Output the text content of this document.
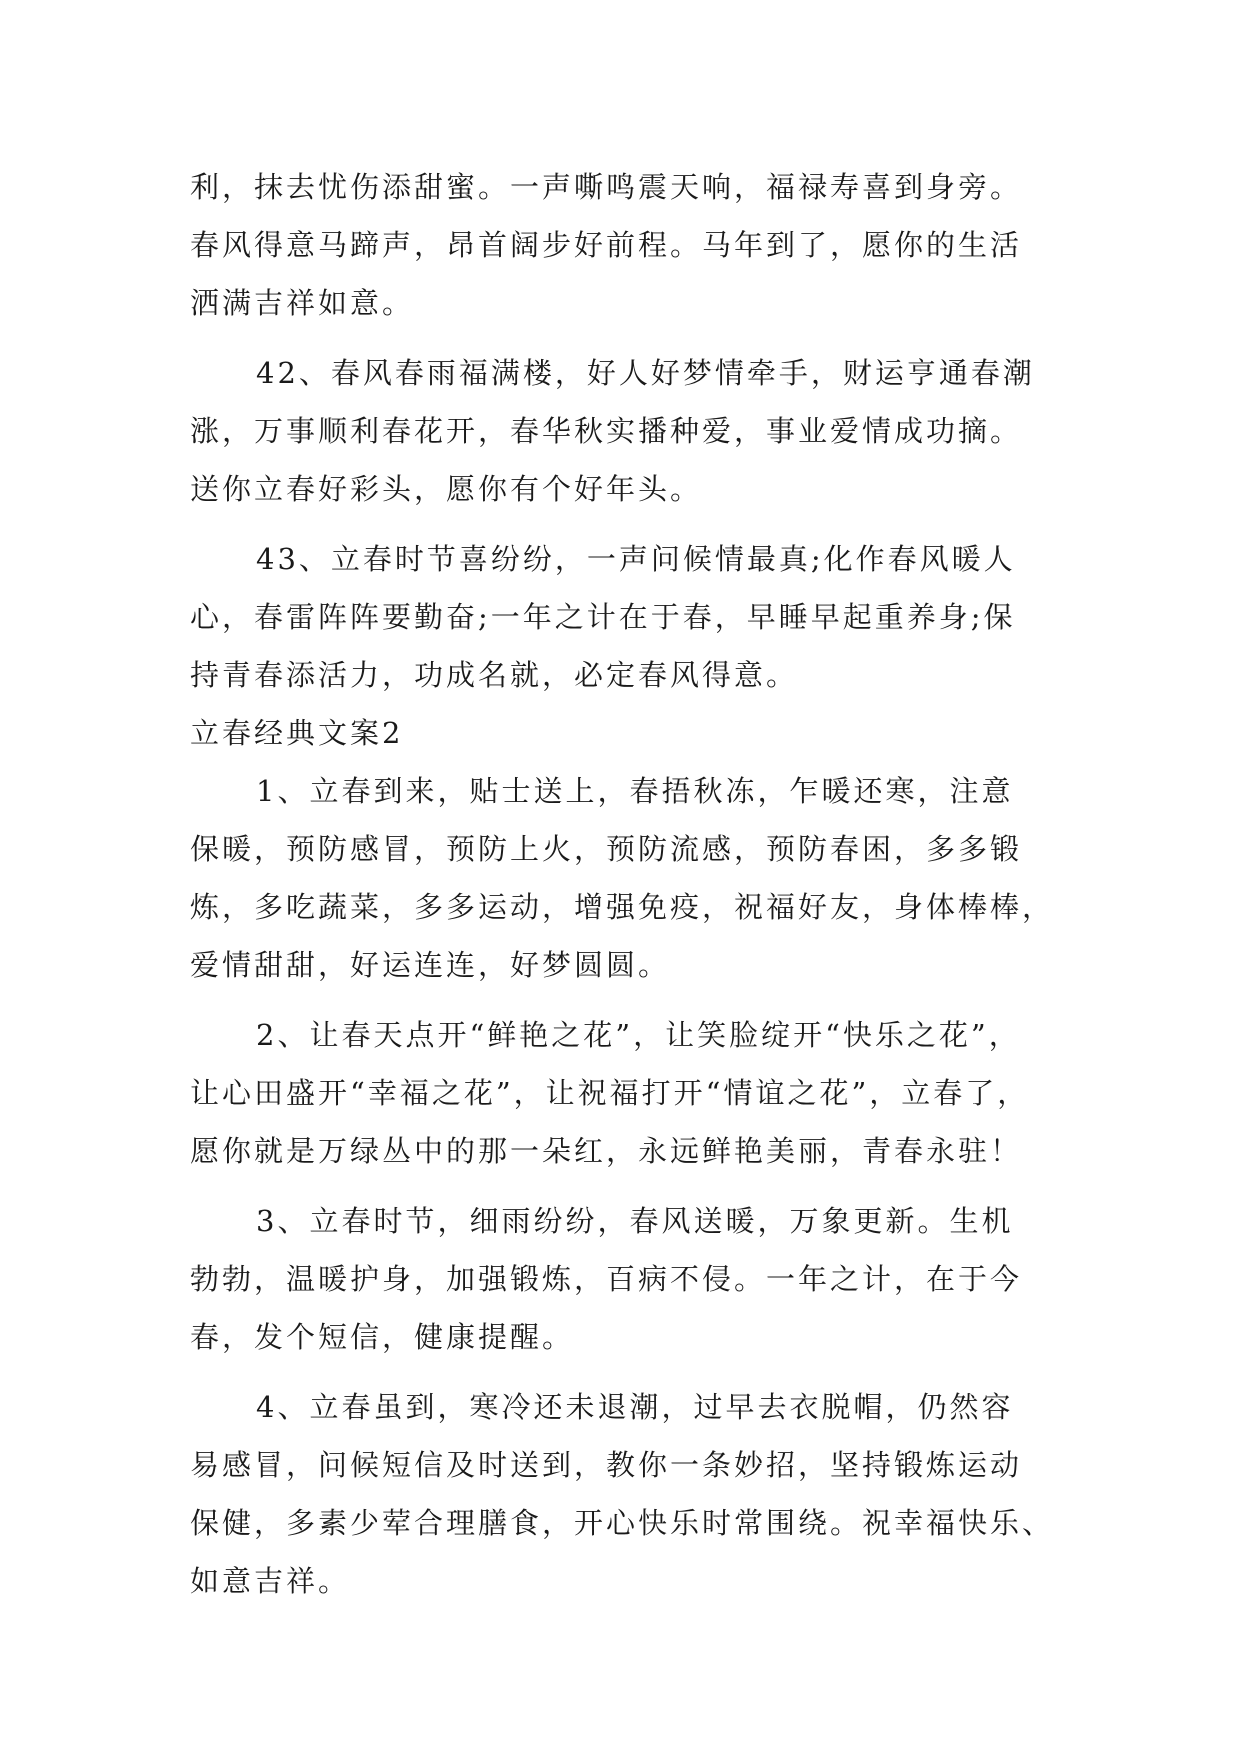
利，抹去忧伤添甜蜜。一声嘶鸣震天响，福禄寿喜到身旁。
春风得意马蹄声，昂首阔步好前程。马年到了，愿你的生活
洒满吉祥如意。
42、春风春雨福满楼，好人好梦情牵手，财运亨通春潮
涨，万事顺利春花开，春华秋实播种爱，事业爱情成功摘。
送你立春好彩头，愿你有个好年头。
43、立春时节喜纷纷，一声问候情最真;化作春风暖人
心，春雷阵阵要勤奋;一年之计在于春，早睡早起重养身;保
持青春添活力，功成名就，必定春风得意。
立春经典文案2
1、立春到来，贴士送上，春捂秋冻，乍暖还寒，注意
保暖，预防感冒，预防上火，预防流感，预防春困，多多锻
炼，多吃蔬菜，多多运动，增强免疫，祝福好友，身体棒棒，
爱情甜甜，好运连连，好梦圆圆。
2、让春天点开“鲜艳之花”，让笑脸绽开“快乐之花”，
让心田盛开“幸福之花”，让祝福打开“情谊之花”，立春了，
愿你就是万绿丛中的那一朵红，永远鲜艳美丽，青春永驻！
3、立春时节，细雨纷纷，春风送暖，万象更新。生机
勃勃，温暖护身，加强锻炼，百病不侵。一年之计，在于今
春，发个短信，健康提醒。
4、立春虽到，寒冷还未退潮，过早去衣脱帽，仍然容
易感冒，问候短信及时送到，教你一条妙招，坚持锻炼运动
保健，多素少荤合理膳食，开心快乐时常围绕。祝幸福快乐、
如意吉祥。
